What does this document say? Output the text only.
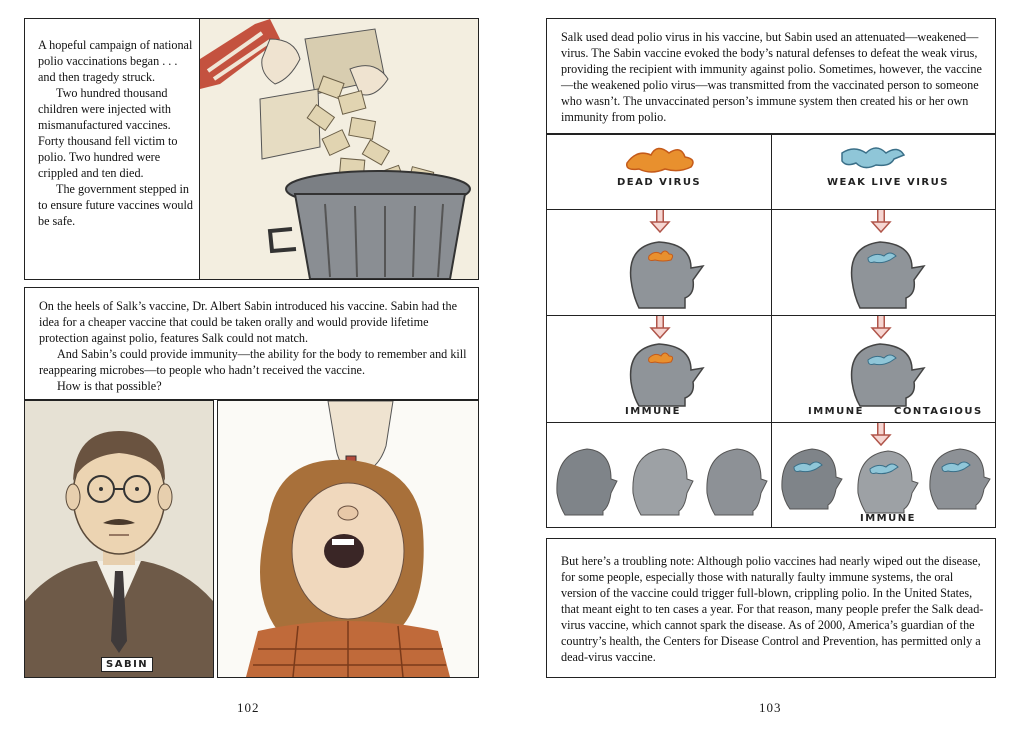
A hopeful campaign of national polio vaccinations began . . . and then tragedy struck.

Two hundred thousand children were injected with mismanufactured vaccines. Forty thousand fell victim to polio. Two hundred were crippled and ten died.

The government stepped in to ensure future vaccines would be safe.

On the heels of Salk’s vaccine, Dr. Albert Sabin introduced his vaccine. Sabin had the idea for a cheaper vaccine that could be taken orally and would provide lifetime protection against polio, features Salk could not match.

And Sabin’s could provide immunity—the ability for the body to remember and kill reappearing microbes—to people who hadn’t received the vaccine.

How is that possible?

SABIN
102
Salk used dead polio virus in his vaccine, but Sabin used an attenuated—weakened—virus. The Sabin vaccine evoked the body’s natural defenses to defeat the weak virus, providing the recipient with immunity against polio. Sometimes, however, the vaccine—the weakened polio virus—was transmitted from the vaccinated person to someone who wasn’t. The unvaccinated person’s immune system then created his or her own immunity from polio.
DEAD VIRUS	WEAK LIVE VIRUS
IMMUNE	IMMUNE	CONTAGIOUS
IMMUNE
But here’s a troubling note: Although polio vaccines had nearly wiped out the disease, for some people, especially those with naturally faulty immune systems, the oral version of the vaccine could trigger full-blown, crippling polio. In the United States, that meant eight to ten cases a year. For that reason, many people prefer the Salk dead-virus vaccine, which cannot spark the disease. As of 2000, America’s guardian of the country’s health, the Centers for Disease Control and Prevention, has permitted only a dead-virus vaccine.
103
